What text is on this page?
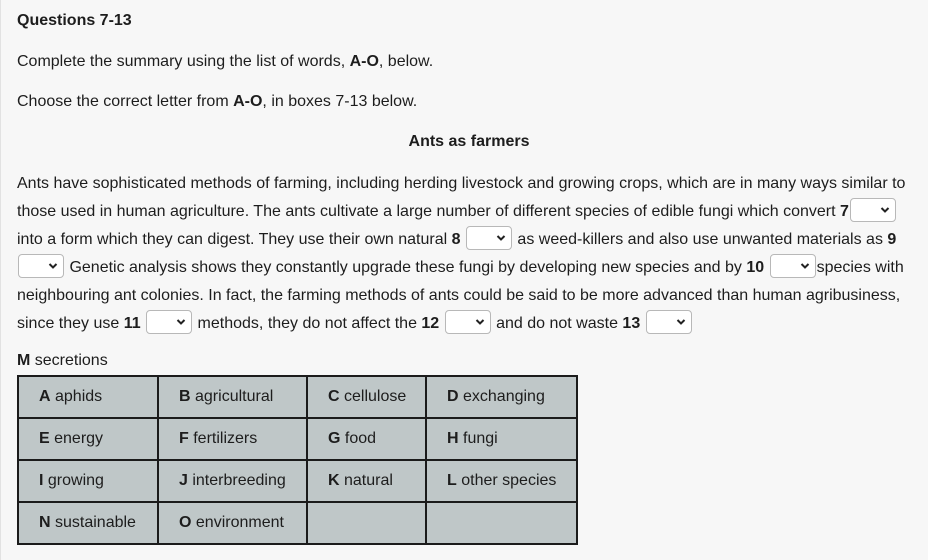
Questions 7-13
Complete the summary using the list of words, A-O, below.
Choose the correct letter from A-O, in boxes 7-13 below.
Ants as farmers
Ants have sophisticated methods of farming, including herding livestock and growing crops, which are in many ways similar to those used in human agriculture. The ants cultivate a large number of different species of edible fungi which convert 7
into a form which they can digest. They use their own natural 8	as weed-killers and also use unwanted materials as 9
Genetic analysis shows they constantly upgrade these fungi by developing new species and by 10	species with neighbouring ant colonies. In fact, the farming methods of ants could be said to be more advanced than human agribusiness, since they use 11	methods, they do not affect the 12	and do not waste 13
M secretions
A aphids	B agricultural	C cellulose	D exchanging
E energy	F fertilizers	G food	H fungi
I growing	J interbreeding	K natural	L other species
N sustainable	O environment		
